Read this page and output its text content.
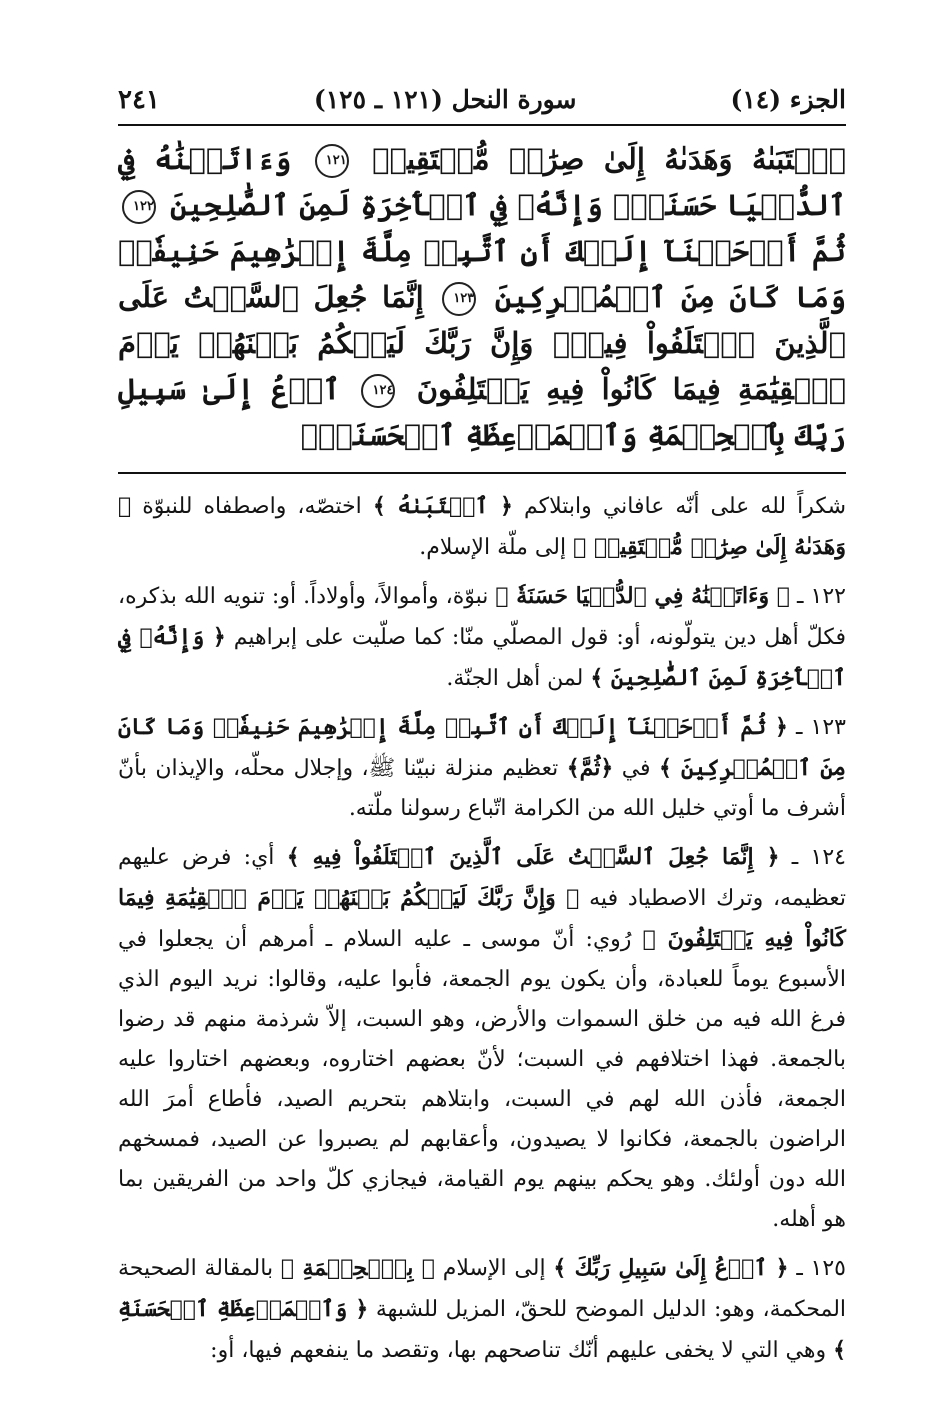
الجزء (١٤)
سورة النحل (١٢١ ـ ١٢٥)
٢٤١
ٱجۡتَبَىٰهُ وَهَدَىٰهُ إِلَىٰ صِرَٰطٖ مُّسۡتَقِيمٖ ١٢١ وَءَاتَيۡنَٰهُ فِي ٱلدُّنۡيَا حَسَنَةٗۖ وَإِنَّهُۥ فِي ٱلۡأٓخِرَةِ لَمِنَ ٱلصَّٰلِحِينَ ١٢٢ ثُمَّ أَوۡحَيۡنَآ إِلَيۡكَ أَنِ ٱتَّبِعۡ مِلَّةَ إِبۡرَٰهِيمَ حَنِيفٗاۖ وَمَا كَانَ مِنَ ٱلۡمُشۡرِكِينَ ١٢٣ إِنَّمَا جُعِلَ ٱلسَّبۡتُ عَلَى ٱلَّذِينَ ٱخۡتَلَفُواْ فِيهِۚ وَإِنَّ رَبَّكَ لَيَحۡكُمُ بَيۡنَهُمۡ يَوۡمَ ٱلۡقِيَٰمَةِ فِيمَا كَانُواْ فِيهِ يَخۡتَلِفُونَ ١٢٤ ٱدۡعُ إِلَىٰ سَبِيلِ رَبِّكَ بِٱلۡحِكۡمَةِ وَٱلۡمَوۡعِظَةِ ٱلۡحَسَنَةِۖ

شكراً لله على أنّه عافاني وابتلاكم ﴿ ٱجۡتَبَىٰهُ ﴾ اختصّه، واصطفاه للنبوّة ﴿ وَهَدَىٰهُ إِلَىٰ صِرَٰطٖ مُّسۡتَقِيمٖ ﴾ إلى ملّة الإسلام.

١٢٢ ـ ﴿ وَءَاتَيۡنَٰهُ فِي ٱلدُّنۡيَا حَسَنَةٗ ﴾ نبوّة، وأموالاً، وأولاداً. أو: تنويه الله بذكره، فكلّ أهل دين يتولّونه، أو: قول المصلّي منّا: كما صلّيت على إبراهيم ﴿ وَإِنَّهُۥ فِي ٱلۡأٓخِرَةِ لَمِنَ ٱلصَّٰلِحِينَ ﴾ لمن أهل الجنّة.

١٢٣ ـ ﴿ ثُمَّ أَوۡحَيۡنَآ إِلَيۡكَ أَنِ ٱتَّبِعۡ مِلَّةَ إِبۡرَٰهِيمَ حَنِيفٗاۖ وَمَا كَانَ مِنَ ٱلۡمُشۡرِكِينَ ﴾ في ﴿ثُمَّ﴾ تعظيم منزلة نبيّنا ﷺ، وإجلال محلّه، والإيذان بأنّ أشرف ما أوتي خليل الله من الكرامة اتّباع رسولنا ملّته.

١٢٤ ـ ﴿ إِنَّمَا جُعِلَ ٱلسَّبۡتُ عَلَى ٱلَّذِينَ ٱخۡتَلَفُواْ فِيهِ ﴾ أي: فرض عليهم تعظيمه، وترك الاصطياد فيه ﴿ وَإِنَّ رَبَّكَ لَيَحۡكُمُ بَيۡنَهُمۡ يَوۡمَ ٱلۡقِيَٰمَةِ فِيمَا كَانُواْ فِيهِ يَخۡتَلِفُونَ ﴾ رُوي: أنّ موسى ـ عليه السلام ـ أمرهم أن يجعلوا في الأسبوع يوماً للعبادة، وأن يكون يوم الجمعة، فأبوا عليه، وقالوا: نريد اليوم الذي فرغ الله فيه من خلق السموات والأرض، وهو السبت، إلاّ شرذمة منهم قد رضوا بالجمعة. فهذا اختلافهم في السبت؛ لأنّ بعضهم اختاروه، وبعضهم اختاروا عليه الجمعة، فأذن الله لهم في السبت، وابتلاهم بتحريم الصيد، فأطاع أمرَ الله الراضون بالجمعة، فكانوا لا يصيدون، وأعقابهم لم يصبروا عن الصيد، فمسخهم الله دون أولئك. وهو يحكم بينهم يوم القيامة، فيجازي كلّ واحد من الفريقين بما هو أهله.

١٢٥ ـ ﴿ ٱدۡعُ إِلَىٰ سَبِيلِ رَبِّكَ ﴾ إلى الإسلام ﴿ بِٱلۡحِكۡمَةِ ﴾ بالمقالة الصحيحة المحكمة، وهو: الدليل الموضح للحقّ، المزيل للشبهة ﴿ وَٱلۡمَوۡعِظَةِ ٱلۡحَسَنَةِ ﴾ وهي التي لا يخفى عليهم أنّك تناصحهم بها، وتقصد ما ينفعهم فيها، أو:
